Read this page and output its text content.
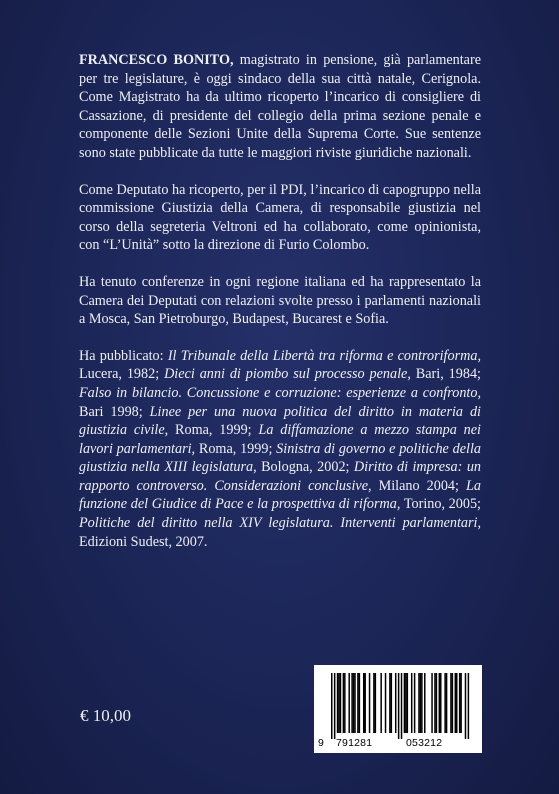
FRANCESCO BONITO, magistrato in pensione, già parlamentare per tre legislature, è oggi sindaco della sua città natale, Cerignola. Come Magistrato ha da ultimo ricoperto l’incarico di consigliere di Cassazione, di presidente del collegio della prima sezione penale e componente delle Sezioni Unite della Suprema Corte. Sue sentenze sono state pubblicate da tutte le maggiori riviste giuridiche nazionali.

Come Deputato ha ricoperto, per il PDI, l’incarico di capogruppo nella commissione Giustizia della Camera, di responsabile giustizia nel corso della segreteria Veltroni ed ha collaborato, come opinionista, con “L’Unità” sotto la direzione di Furio Colombo.

Ha tenuto conferenze in ogni regione italiana ed ha rappresentato la Camera dei Deputati con relazioni svolte presso i parlamenti nazionali a Mosca, San Pietroburgo, Budapest, Bucarest e Sofia.

Ha pubblicato: Il Tribunale della Libertà tra riforma e controriforma, Lucera, 1982; Dieci anni di piombo sul processo penale, Bari, 1984; Falso in bilancio. Concussione e corruzione: esperienze a confronto, Bari 1998; Linee per una nuova politica del diritto in materia di giustizia civile, Roma, 1999; La diffamazione a mezzo stampa nei lavori parlamentari, Roma, 1999; Sinistra di governo e politiche della giustizia nella XIII legislatura, Bologna, 2002; Diritto di impresa: un rapporto controverso. Considerazioni conclusive, Milano 2004; La funzione del Giudice di Pace e la prospettiva di riforma, Torino, 2005; Politiche del diritto nella XIV legislatura. Interventi parlamentari, Edizioni Sudest, 2007.

€ 10,00
9 791281	053212
